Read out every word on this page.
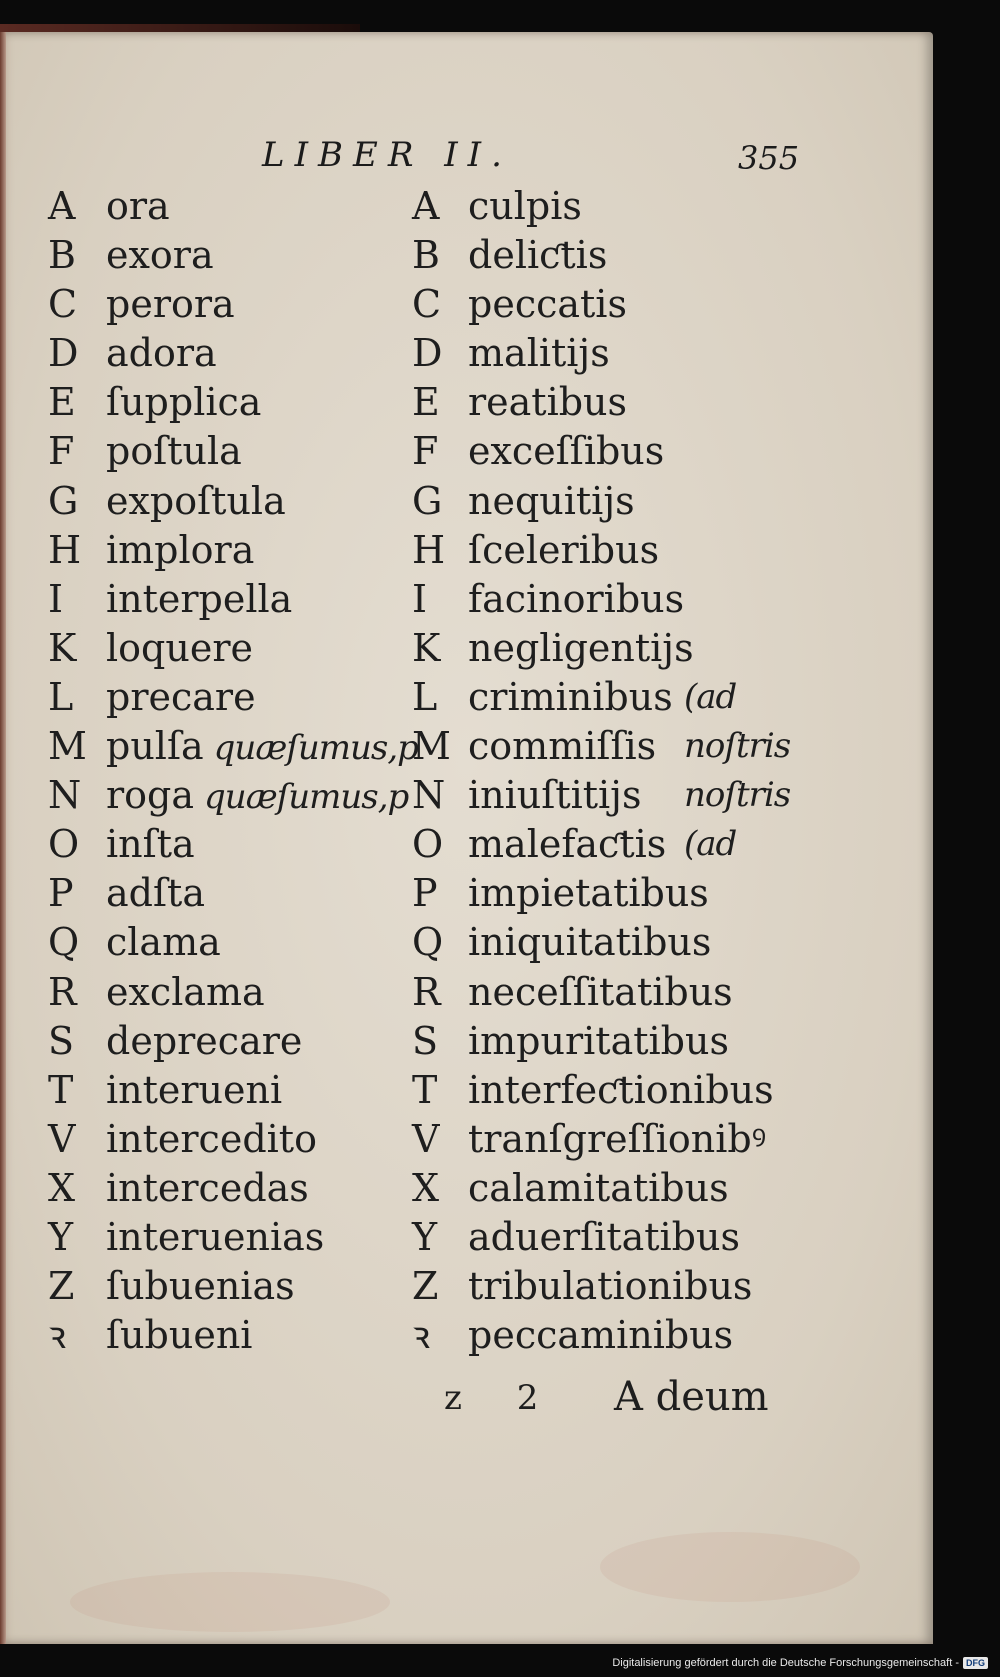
LIBER II.	355
A ora
B exora
C perora
D adora
E ſupplica
F poſtula
G expoſtula
H implora
I interpella
K loquere
L precare
M pulſa quæſumus,p
N roga quæſumus,p
O inſta
P adſta
Q clama
R exclama
S deprecare
T interueni
V intercedito
X intercedas
Y interuenias
Z ſubuenias
ꝛ ſubueni
A culpis
B deliƈtis
C peccatis
D malitijs
E reatibus
F exceſſibus
G nequitijs
H ſceleribus
I facinoribus
K negligentijs
L criminibus (ad
M commiſſis noſtris
N iniuſtitijs noſtris
O malefaƈtis (ad
P impietatibus
Q iniquitatibus
R neceſſitatibus
S impuritatibus
T interfeƈtionibus
V tranſgreſſionibꝰ
X calamitatibus
Y aduerſitatibus
Z tribulationibus
ꝛ peccaminibus
z 2 A deum
Digitalisierung gefördert durch die Deutsche Forschungsgemeinschaft - DFG
